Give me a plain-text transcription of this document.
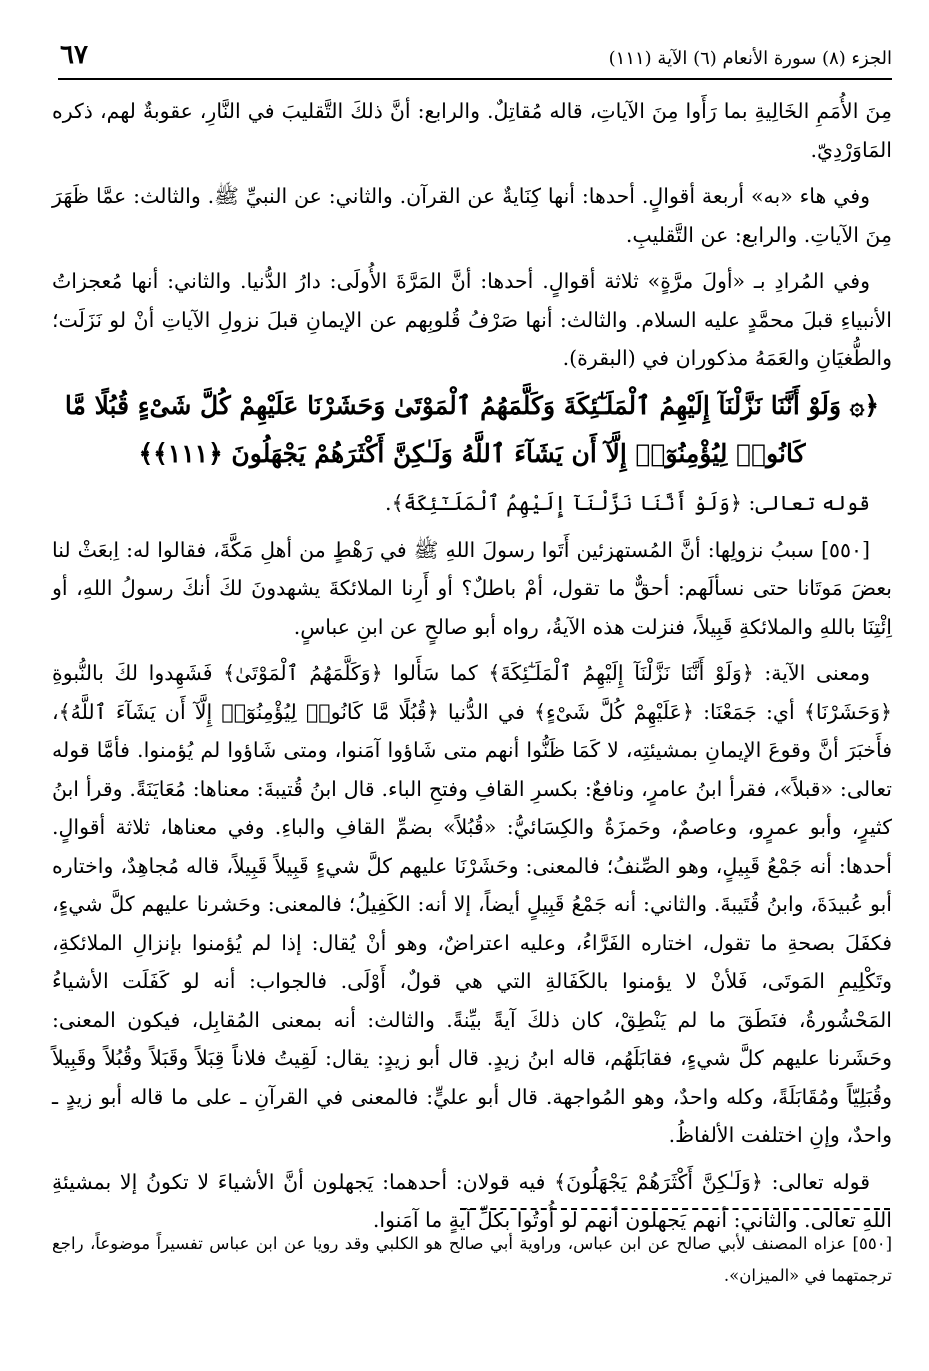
٦٧	الجزء (٨) سورة الأنعام (٦) الآية (١١١)

مِنَ الأُمَمِ الخَالِيةِ بما رَأَوا مِنَ الآياتِ، قاله مُقاتِلٌ. والرابع: أنَّ ذلكَ التَّقليبَ في النَّارِ، عقوبةٌ لهم، ذكره المَاوَرْدِيّ.

وفي هاء «به» أربعة أقوالٍ. أحدها: أنها كِنَايةٌ عن القرآن. والثاني: عن النبيِّ ﷺ. والثالث: عمَّا ظَهَرَ مِنَ الآياتِ. والرابع: عن التَّقليبِ.

وفي المُرادِ بـ «أولَ مرَّةٍ» ثلاثة أقوالٍ. أحدها: أنَّ المَرَّةَ الأُولَى: دارُ الدُّنيا. والثاني: أنها مُعجزاتُ الأنبياءِ قبلَ محمَّدٍ عليه السلام. والثالث: أنها صَرْفُ قُلوبِهم عن الإيمانِ قبلَ نزولِ الآياتِ أنْ لو نَزَلَت؛ والطُّغيَانِ والعَمَهُ مذكوران في (البقرة).

﴿۞ وَلَوْ أَنَّنَا نَزَّلْنَآ إِلَيْهِمُ ٱلْمَلَـٰٓئِكَةَ وَكَلَّمَهُمُ ٱلْمَوْتَىٰ وَحَشَرْنَا عَلَيْهِمْ كُلَّ شَىْءٍ قُبُلًا مَّا كَانُوا۟ لِيُؤْمِنُوٓا۟ إِلَّآ أَن يَشَآءَ ٱللَّهُ وَلَـٰكِنَّ أَكْثَرَهُمْ يَجْهَلُونَ ﴿١١١﴾﴾

قوله تعالى: ﴿وَلَوْ أَنَّنَا نَزَّلْنَآ إِلَيْهِمُ ٱلْمَلَـٰٓئِكَةَ﴾.

[٥٥٠] سببُ نزولِها: أنَّ المُستهزئين أَتَوا رسولَ اللهِ ﷺ في رَهْطٍ من أهلِ مَكَّةَ، فقالوا له: اِبعَثْ لنا بعضَ مَوتَانا حتى نسألَهم: أحقٌّ ما تقول، أمْ باطلٌ؟ أو أَرِنا الملائكةَ يشهدونَ لكَ أنكَ رسولُ اللهِ، أو اِئْتِنَا باللهِ والملائكةِ قَبِيلاً، فنزلت هذه الآيةُ، رواه أبو صالحٍ عن ابنِ عباسٍ.

ومعنى الآية: ﴿وَلَوْ أَنَّنَا نَزَّلْنَآ إِلَيْهِمُ ٱلْمَلَـٰٓئِكَةَ﴾ كما سَأَلوا ﴿وَكَلَّمَهُمُ ٱلْمَوْتَىٰ﴾ فَشَهِدوا لكَ بالنُّبوةِ ﴿وَحَشَرْنَا﴾ أي: جَمَعْنَا: ﴿عَلَيْهِمْ كُلَّ شَىْءٍ﴾ في الدُّنيا ﴿قُبُلًا مَّا كَانُوا۟ لِيُؤْمِنُوٓا۟ إِلَّآ أَن يَشَآءَ ٱللَّهُ﴾، فأَخبَرَ أنَّ وقوعَ الإيمانِ بمشيئتِه، لا كَمَا ظَنُّوا أنهم متى شَاؤوا آمَنوا، ومتى شَاؤوا لم يُؤمنوا. فأمَّا قوله تعالى: «قبلاً»، فقرأ ابنُ عامرٍ، ونافعٌ: بكسرِ القافِ وفتحِ الباء. قال ابنُ قُتيبةَ: معناها: مُعَايَنَةً. وقرأ ابنُ كثيرٍ، وأبو عمرٍو، وعاصمٌ، وحَمزَةُ والكِسَائيُّ: «قُبُلاً» بضمِّ القافِ والباءِ. وفي معناها، ثلاثة أقوالٍ. أحدها: أنه جَمْعُ قَبِيلٍ، وهو الصِّنفُ؛ فالمعنى: وحَشَرْنَا عليهم كلَّ شيءٍ قَبِيلاً قَبِيلاً، قاله مُجاهِدٌ، واختاره أبو عُبيدَةَ، وابنُ قُتَيبةَ. والثاني: أنه جَمْعُ قَبِيلٍ أيضاً، إلا أنه: الكَفِيلُ؛ فالمعنى: وحَشرنا عليهم كلَّ شيءٍ، فكفَلَ بصحةِ ما تقول، اختاره الفَرَّاءُ، وعليه اعتراضٌ، وهو أنْ يُقال: إذا لم يُؤمنوا بإنزالِ الملائكةِ، وتَكْلِيمِ المَوتَى، فَلأنْ لا يؤمنوا بالكَفَالةِ التي هي قولٌ، أَوْلَى. فالجواب: أنه لو كَفَلَت الأشياءُ المَحْشُورةُ، فنَطَقَ ما لم يَنْطِقْ، كان ذلكَ آيةً بيِّنةً. والثالث: أنه بمعنى المُقابِل، فيكون المعنى: وحَشَرنا عليهم كلَّ شيءٍ، فقابَلَهُم، قاله ابنُ زيدٍ. قال أبو زيدٍ: يقال: لَقِيتُ فلاناً قِبَلاً وقَبَلاً وقُبُلاً وقَبِيلاً وقُبَلِيّاً ومُقَابَلَةً، وكله واحدٌ، وهو المُواجهة. قال أبو عليٍّ: فالمعنى في القرآنِ ـ على ما قاله أبو زيدٍ ـ واحدٌ، وإنِ اختلفت الألفاظُ.

قوله تعالى: ﴿وَلَـٰكِنَّ أَكْثَرَهُمْ يَجْهَلُونَ﴾ فيه قولان: أحدهما: يَجهلون أنَّ الأشياءَ لا تكونُ إلا بمشيئةِ اللهِ تعالى. والثاني: أنهم يَجهلون أنهم لو أُوتُوا بكلِّ آيةٍ ما آمَنوا.

[٥٥٠] عزاه المصنف لأبي صالح عن ابن عباس، وراوية أبي صالح هو الكلبي وقد رويا عن ابن عباس تفسيراً موضوعاً، راجع ترجمتهما في «الميزان».
